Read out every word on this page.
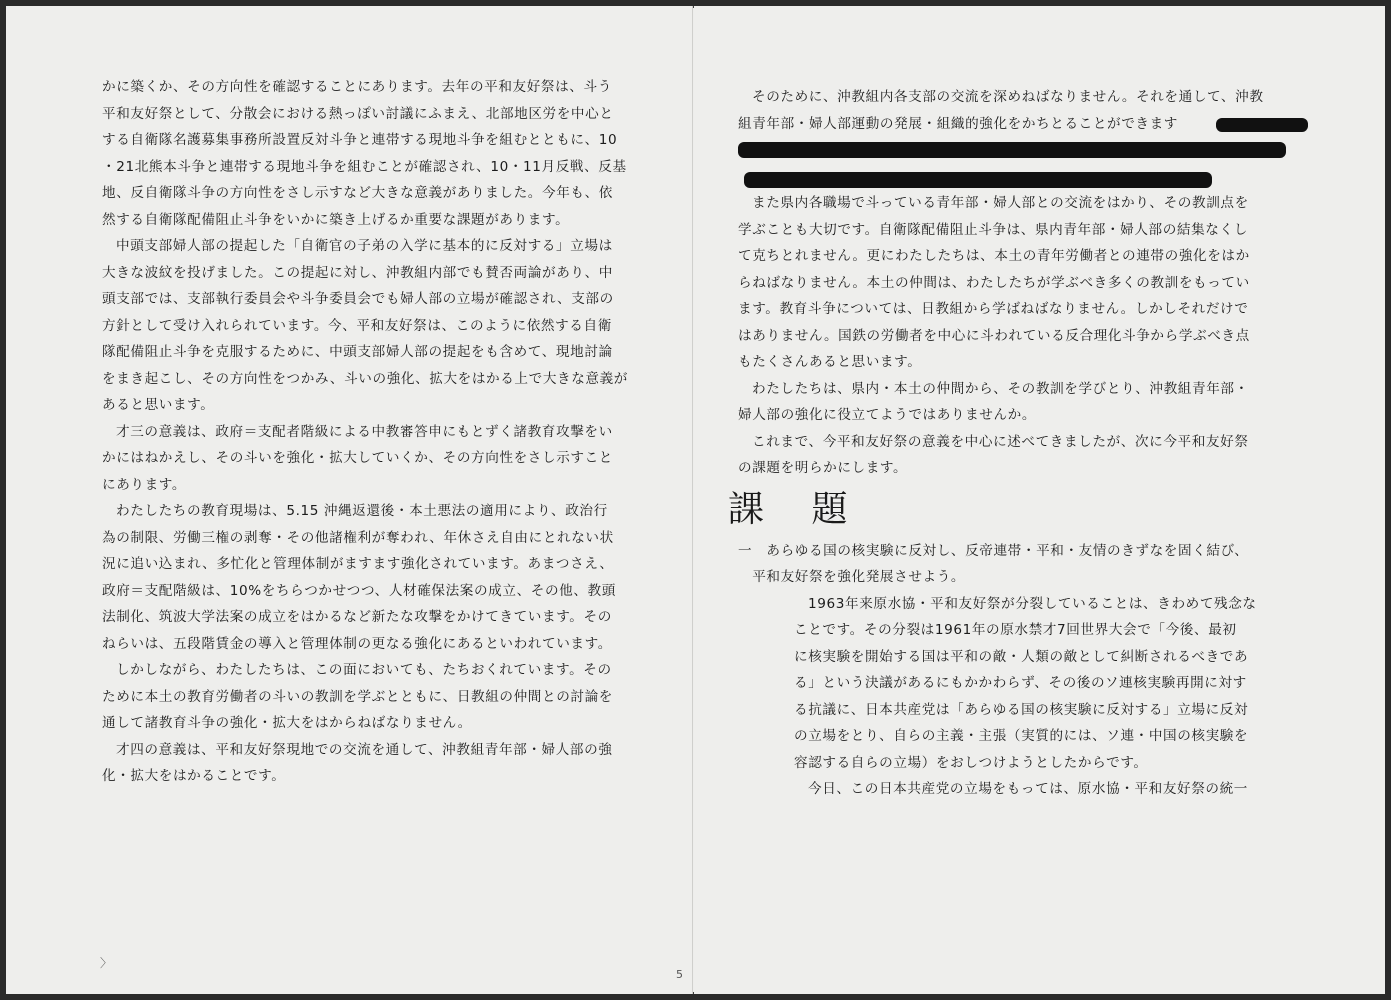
かに築くか、その方向性を確認することにあります。去年の平和友好祭は、斗う
平和友好祭として、分散会における熱っぽい討議にふまえ、北部地区労を中心と
する自衛隊名護募集事務所設置反対斗争と連帯する現地斗争を組むとともに、10
・21北熊本斗争と連帯する現地斗争を組むことが確認され、10・11月反戦、反基
地、反自衛隊斗争の方向性をさし示すなど大きな意義がありました。今年も、依
然する自衛隊配備阻止斗争をいかに築き上げるか重要な課題があります。
中頭支部婦人部の提起した「自衛官の子弟の入学に基本的に反対する」立場は
大きな波紋を投げました。この提起に対し、沖教組内部でも賛否両論があり、中
頭支部では、支部執行委員会や斗争委員会でも婦人部の立場が確認され、支部の
方針として受け入れられています。今、平和友好祭は、このように依然する自衛
隊配備阻止斗争を克服するために、中頭支部婦人部の提起をも含めて、現地討論
をまき起こし、その方向性をつかみ、斗いの強化、拡大をはかる上で大きな意義が
あると思います。
才三の意義は、政府＝支配者階級による中教審答申にもとずく諸教育攻撃をい
かにはねかえし、その斗いを強化・拡大していくか、その方向性をさし示すこと
にあります。
わたしたちの教育現場は、5.15 沖縄返還後・本土悪法の適用により、政治行
為の制限、労働三権の剥奪・その他諸権利が奪われ、年休さえ自由にとれない状
況に追い込まれ、多忙化と管理体制がますます強化されています。あまつさえ、
政府＝支配階級は、10%をちらつかせつつ、人材確保法案の成立、その他、教頭
法制化、筑波大学法案の成立をはかるなど新たな攻撃をかけてきています。その
ねらいは、五段階賃金の導入と管理体制の更なる強化にあるといわれています。
しかしながら、わたしたちは、この面においても、たちおくれています。その
ために本土の教育労働者の斗いの教訓を学ぶとともに、日教組の仲間との討論を
通して諸教育斗争の強化・拡大をはからねばなりません。
才四の意義は、平和友好祭現地での交流を通して、沖教組青年部・婦人部の強
化・拡大をはかることです。
〉
5
そのために、沖教組内各支部の交流を深めねばなりません。それを通して、沖教
組青年部・婦人部運動の発展・組織的強化をかちとることができます
また県内各職場で斗っている青年部・婦人部との交流をはかり、その教訓点を
学ぶことも大切です。自衛隊配備阻止斗争は、県内青年部・婦人部の結集なくし
て克ちとれません。更にわたしたちは、本土の青年労働者との連帯の強化をはか
らねばなりません。本土の仲間は、わたしたちが学ぶべき多くの教訓をもってい
ます。教育斗争については、日教組から学ばねばなりません。しかしそれだけで
はありません。国鉄の労働者を中心に斗われている反合理化斗争から学ぶべき点
もたくさんあると思います。
わたしたちは、県内・本土の仲間から、その教訓を学びとり、沖教組青年部・
婦人部の強化に役立てようではありませんか。
これまで、今平和友好祭の意義を中心に述べてきましたが、次に今平和友好祭
の課題を明らかにします。
課 題
一　あらゆる国の核実験に反対し、反帝連帯・平和・友情のきずなを固く結び、
　平和友好祭を強化発展させよう。
1963年来原水協・平和友好祭が分裂していることは、きわめて残念な
ことです。その分裂は1961年の原水禁才7回世界大会で「今後、最初
に核実験を開始する国は平和の敵・人類の敵として糾断されるべきであ
る」という決議があるにもかかわらず、その後のソ連核実験再開に対す
る抗議に、日本共産党は「あらゆる国の核実験に反対する」立場に反対
の立場をとり、自らの主義・主張（実質的には、ソ連・中国の核実験を
容認する自らの立場）をおしつけようとしたからです。
今日、この日本共産党の立場をもっては、原水協・平和友好祭の統一
